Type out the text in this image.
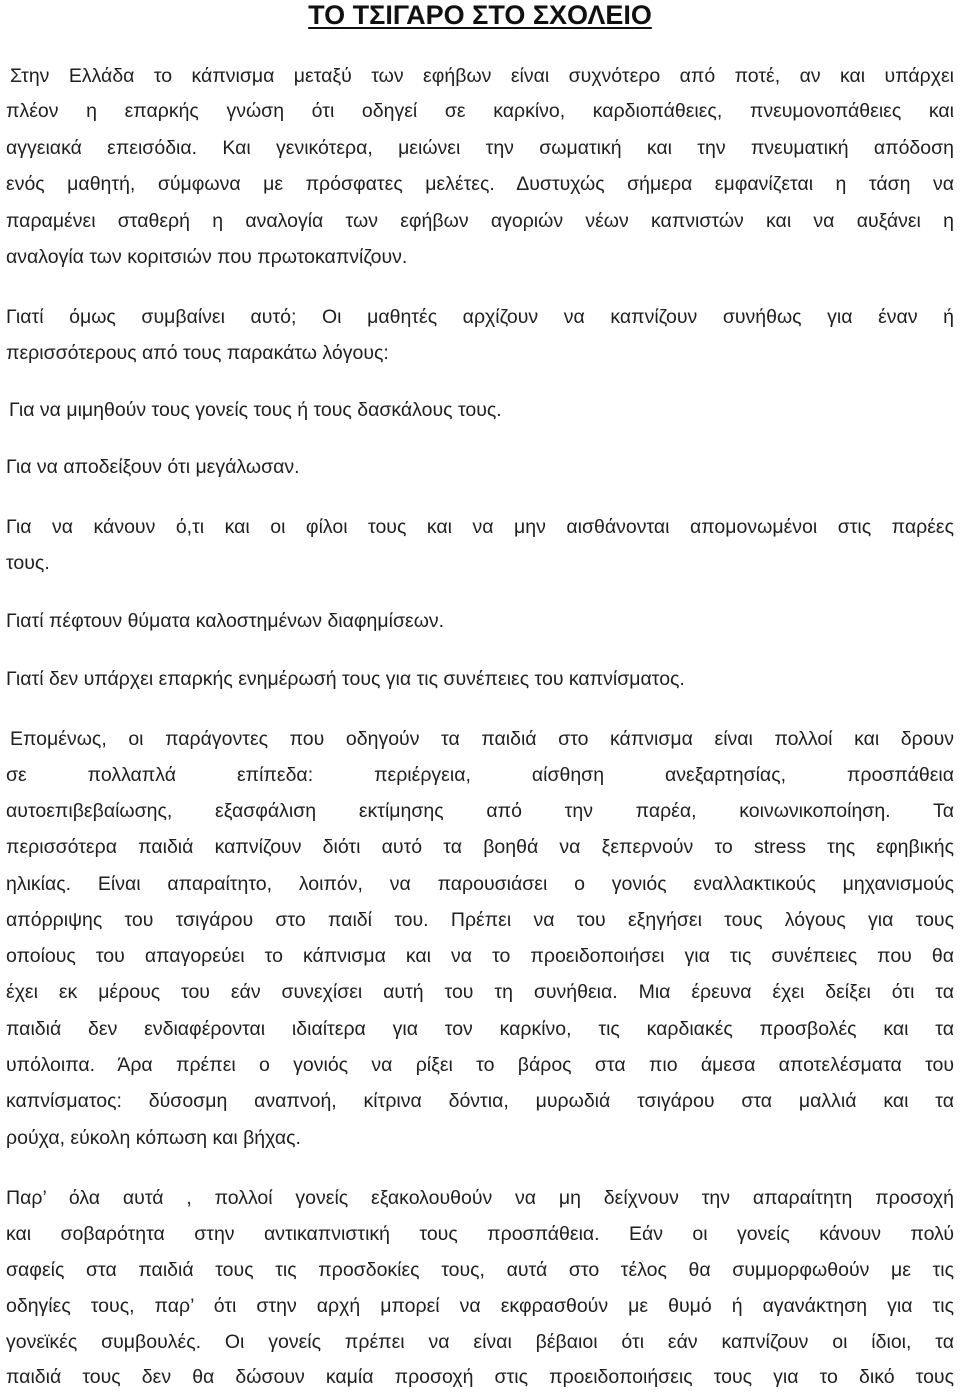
ΤΟ ΤΣΙΓΑΡΟ ΣΤΟ ΣΧΟΛΕΙΟ

Στην Ελλάδα το κάπνισμα μεταξύ των εφήβων είναι συχνότερο από ποτέ, αν και υπάρχει

πλέον η επαρκής γνώση ότι οδηγεί σε καρκίνο, καρδιοπάθειες, πνευμονοπάθειες και

αγγειακά επεισόδια. Και γενικότερα, μειώνει την σωματική και την πνευματική απόδοση

ενός μαθητή, σύμφωνα με πρόσφατες μελέτες. Δυστυχώς σήμερα εμφανίζεται η τάση να

παραμένει σταθερή η αναλογία των εφήβων αγοριών νέων καπνιστών και να αυξάνει η

αναλογία των κοριτσιών που πρωτοκαπνίζουν.

Γιατί όμως συμβαίνει αυτό; Οι μαθητές αρχίζουν να καπνίζουν συνήθως για έναν ή

περισσότερους από τους παρακάτω λόγους:

Για να μιμηθούν τους γονείς τους ή τους δασκάλους τους.

Για να αποδείξουν ότι μεγάλωσαν.

Για να κάνουν ό,τι και οι φίλοι τους και να μην αισθάνονται απομονωμένοι στις παρέες

τους.

Γιατί πέφτουν θύματα καλοστημένων διαφημίσεων.

Γιατί δεν υπάρχει επαρκής ενημέρωσή τους για τις συνέπειες του καπνίσματος.

Επομένως, οι παράγοντες που οδηγούν τα παιδιά στο κάπνισμα είναι πολλοί και δρουν

σε πολλαπλά επίπεδα: περιέργεια, αίσθηση ανεξαρτησίας, προσπάθεια

αυτοεπιβεβαίωσης, εξασφάλιση εκτίμησης από την παρέα, κοινωνικοποίηση. Τα

περισσότερα παιδιά καπνίζουν διότι αυτό τα βοηθά να ξεπερνούν το stress της εφηβικής

ηλικίας. Είναι απαραίτητο, λοιπόν, να παρουσιάσει ο γονιός εναλλακτικούς μηχανισμούς

απόρριψης του τσιγάρου στο παιδί του. Πρέπει να του εξηγήσει τους λόγους για τους

οποίους του απαγορεύει το κάπνισμα και να το προειδοποιήσει για τις συνέπειες που θα

έχει εκ μέρους του εάν συνεχίσει αυτή του τη συνήθεια. Μια έρευνα έχει δείξει ότι τα

παιδιά δεν ενδιαφέρονται ιδιαίτερα για τον καρκίνο, τις καρδιακές προσβολές και τα

υπόλοιπα. Άρα πρέπει ο γονιός να ρίξει το βάρος στα πιο άμεσα αποτελέσματα του

καπνίσματος: δύσοσμη αναπνοή, κίτρινα δόντια, μυρωδιά τσιγάρου στα μαλλιά και τα

ρούχα, εύκολη κόπωση και βήχας.

Παρ’ όλα αυτά , πολλοί γονείς εξακολουθούν να μη δείχνουν την απαραίτητη προσοχή

και σοβαρότητα στην αντικαπνιστική τους προσπάθεια. Εάν οι γονείς κάνουν πολύ

σαφείς στα παιδιά τους τις προσδοκίες τους, αυτά στο τέλος θα συμμορφωθούν με τις

οδηγίες τους, παρ’ ότι στην αρχή μπορεί να εκφρασθούν με θυμό ή αγανάκτηση για τις

γονεϊκές συμβουλές. Οι γονείς πρέπει να είναι βέβαιοι ότι εάν καπνίζουν οι ίδιοι, τα

παιδιά τους δεν θα δώσουν καμία προσοχή στις προειδοποιήσεις τους για το δικό τους
